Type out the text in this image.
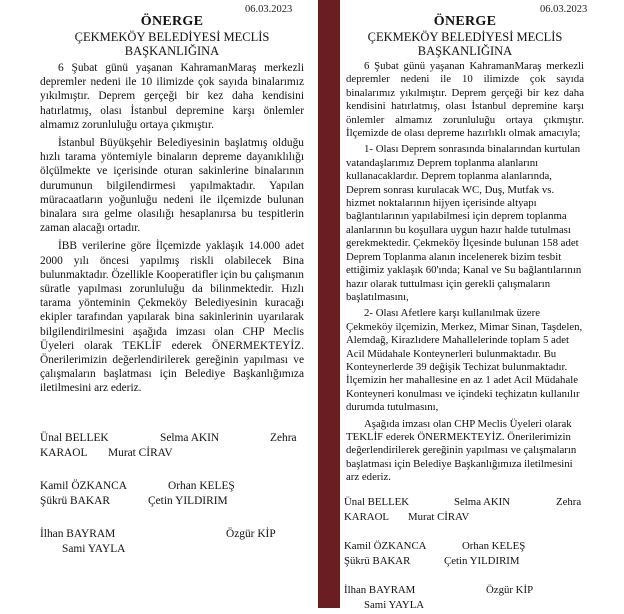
06.03.2023
ÖNERGE
ÇEKMEKÖY BELEDİYESİ MECLİS
BAŞKANLIĞINA

6 Şubat günü yaşanan KahramanMaraş merkezli depremler nedeni ile 10 ilimizde çok sayıda binalarımız yıkılmıştır. Deprem gerçeği bir kez daha kendisini hatırlatmış, olası İstanbul depremine karşı önlemler almamız zorunluluğu ortaya çıkmıştır.

İstanbul Büyükşehir Belediyesinin başlatmış olduğu hızlı tarama yöntemiyle binaların depreme dayanıklılığı ölçülmekte ve içerisinde oturan sakinlerine binalarının durumunun bilgilendirmesi yapılmaktadır. Yapılan müracaatların yoğunluğu nedeni ile ilçemizde bulunan binalara sıra gelme olasılığı hesaplanırsa bu tespitlerin zaman alacağı ortadır.

İBB verilerine göre İlçemizde yaklaşık 14.000 adet 2000 yılı öncesi yapılmış riskli olabilecek Bina bulunmaktadır. Özellikle Kooperatifler için bu çalışmanın süratle yapılması zorunluluğu da bilinmektedir. Hızlı tarama yönteminin Çekmeköy Belediyesinin kuracağı ekipler tarafından yapılarak bina sakinlerinin uyarılarak bilgilendirilmesini aşağıda imzası olan CHP Meclis Üyeleri olarak TEKLİF ederek ÖNERMEKTEYİZ. Önerilerimizin değerlendirilerek gereğinin yapılması ve çalışmaların başlatması için Belediye Başkanlığımıza iletilmesini arz ederiz.

Ünal BELLEK	Selma AKIN	Zehra
KARAOL Murat CİRAV
Kamil ÖZKANCA	Orhan KELEŞ
Şükrü BAKAR	Çetin YILDIRIM
İlhan BAYRAM	Özgür KİP
Sami YAYLA
06.03.2023
ÖNERGE
ÇEKMEKÖY BELEDİYESİ MECLİS
BAŞKANLIĞINA

6 Şubat günü yaşanan KahramanMaraş merkezli depremler nedeni ile 10 ilimizde çok sayıda binalarımız yıkılmıştır. Deprem gerçeği bir kez daha kendisini hatırlatmış, olası İstanbul depremine karşı önlemler almamız zorunluluğu ortaya çıkmıştır. İlçemizde de olası depreme hazırlıklı olmak amacıyla;

1- Olası Deprem sonrasında binalarından kurtulan vatandaşlarımız Deprem toplanma alanlarını kullanacaklardır. Deprem toplanma alanlarında, Deprem sonrası kurulacak WC, Duş, Mutfak vs. hizmet noktalarının hijyen içerisinde altyapı bağlantılarının yapılabilmesi için deprem toplanma alanlarının bu koşullara uygun hazır halde tutulması gerekmektedir. Çekmeköy İlçesinde bulunan 158 adet Deprem Toplanma alanın incelenerek bizim tesbit ettiğimiz yaklaşık 60'ında; Kanal ve Su bağlantılarının hazır olarak tuttulması için gerekli çalışmaların başlatılmasını,

2- Olası Afetlere karşı kullanılmak üzere Çekmeköy ilçemizin, Merkez, Mimar Sinan, Taşdelen, Alemdağ, Kirazlıdere Mahallelerinde toplam 5 adet Acil Müdahale Konteynerleri bulunmaktadır. Bu Konteynerlerde 39 değişik Techizat bulunmaktadır. İlçemizin her mahallesine en az 1 adet Acil Müdahale Konteyneri konulması ve içindeki teçhizatın kullanılır durumda tutulmasını,

Aşağıda imzası olan CHP Meclis Üyeleri olarak TEKLİF ederek ÖNERMEKTEYİZ. Önerilerimizin değerlendirilerek gereğinin yapılması ve çalışmaların başlatması için Belediye Başkanlığımıza iletilmesini arz ederiz.

Ünal BELLEK	Selma AKIN	Zehra
KARAOL Murat CİRAV
Kamil ÖZKANCA	Orhan KELEŞ
Şükrü BAKAR	Çetin YILDIRIM
İlhan BAYRAM	Özgür KİP
Sami YAYLA
